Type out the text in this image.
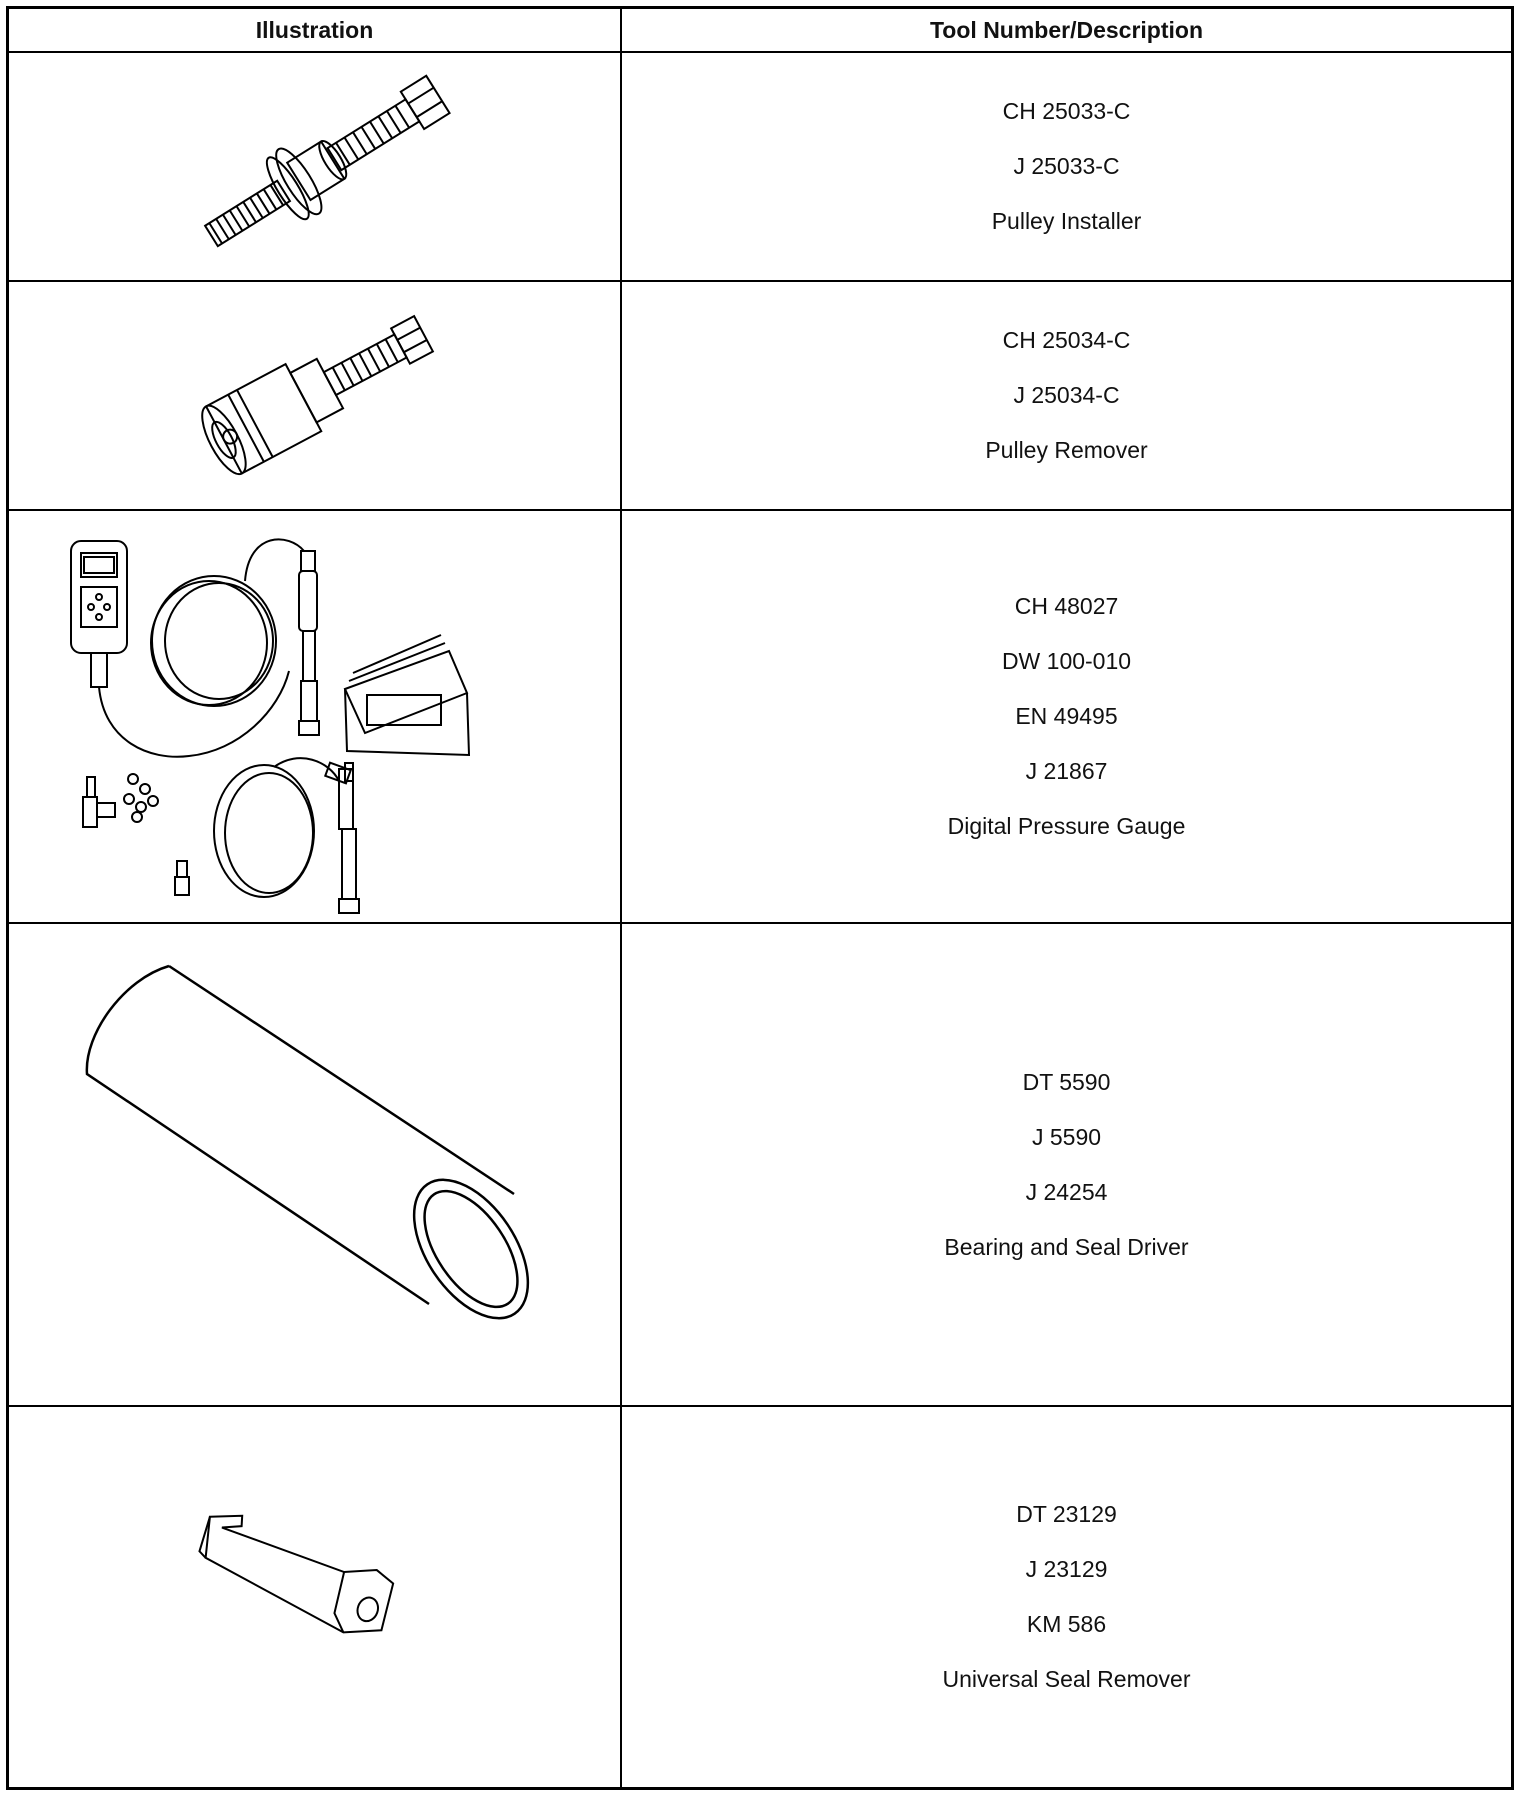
Illustration	Tool Number/Description
CH 25033-C
J 25033-C
Pulley Installer
CH 25034-C
J 25034-C
Pulley Remover
CH 48027
DW 100-010
EN 49495
J 21867
Digital Pressure Gauge
DT 5590
J 5590
J 24254
Bearing and Seal Driver
DT 23129
J 23129
KM 586
Universal Seal Remover
